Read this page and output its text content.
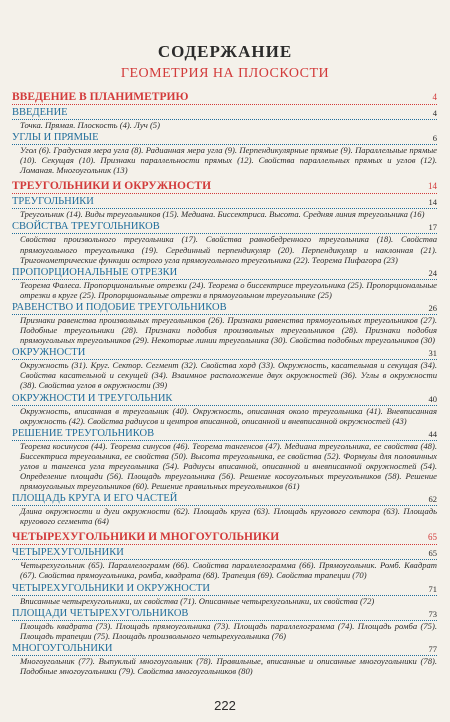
СОДЕРЖАНИЕ
ГЕОМЕТРИЯ НА ПЛОСКОСТИ
ВВЕДЕНИЕ В ПЛАНИМЕТРИЮ	4
ВВЕДЕНИЕ	4
Точка. Прямая. Плоскость (4). Луч (5)
УГЛЫ И ПРЯМЫЕ	6
Угол (6). Градусная мера угла (8). Радианная мера угла (9). Перпендикулярные прямые (9). Параллельные прямые (10). Секущая (10). Признаки параллельности прямых (12). Свойства параллельных прямых и углов (12). Ломаная. Многоугольник (13)
ТРЕУГОЛЬНИКИ И ОКРУЖНОСТИ	14
ТРЕУГОЛЬНИКИ	14
Треугольник (14). Виды треугольников (15). Медиана. Биссектриса. Высота. Средняя линия треугольника (16)
СВОЙСТВА ТРЕУГОЛЬНИКОВ	17
Свойства произвольного треугольника (17). Свойства равнобедренного треугольника (18). Свойства прямоугольного треугольника (19). Серединный перпендикуляр (20). Перпендикуляр и наклонная (21). Тригонометрические функции острого угла прямоугольного треугольника (22). Теорема Пифагора (23)
ПРОПОРЦИОНАЛЬНЫЕ ОТРЕЗКИ	24
Теорема Фалеса. Пропорциональные отрезки (24). Теорема о биссектрисе треугольника (25). Пропорциональные отрезки в круге (25). Пропорциональные отрезки в прямоугольном треугольнике (25)
РАВЕНСТВО И ПОДОБИЕ ТРЕУГОЛЬНИКОВ	26
Признаки равенства произвольных треугольников (26). Признаки равенства прямоугольных треугольников (27). Подобные треугольники (28). Признаки подобия произвольных треугольников (28). Признаки подобия прямоугольных треугольников (29). Некоторые линии треугольника (30). Свойства подобных треугольников (30)
ОКРУЖНОСТИ	31
Окружность (31). Круг. Сектор. Сегмент (32). Свойства хорд (33). Окружность, касательная и секущая (34). Свойства касательной и секущей (34). Взаимное расположение двух окружностей (36). Углы в окружности (38). Свойства углов в окружности (39)
ОКРУЖНОСТИ И ТРЕУГОЛЬНИК	40
Окружность, вписанная в треугольник (40). Окружность, описанная около треугольника (41). Вневписанная окружность (42). Свойства радиусов и центров вписанной, описанной и вневписанной окружностей (43)
РЕШЕНИЕ ТРЕУГОЛЬНИКОВ	44
Теорема косинусов (44). Теорема синусов (46). Теорема тангенсов (47). Медиана треугольника, ее свойства (48). Биссектриса треугольника, ее свойства (50). Высота треугольника, ее свойства (52). Формулы для половинных углов и тангенса угла треугольника (54). Радиусы вписанной, описанной и вневписанной окружностей (54). Определение площади (56). Площадь треугольника (56). Решение косоугольных треугольников (58). Решение прямоугольных треугольников (60). Решение правильных треугольников (61)
ПЛОЩАДЬ КРУГА И ЕГО ЧАСТЕЙ	62
Длина окружности и дуги окружности (62). Площадь круга (63). Площадь кругового сектора (63). Площадь кругового сегмента (64)
ЧЕТЫРЕХУГОЛЬНИКИ И МНОГОУГОЛЬНИКИ	65
ЧЕТЫРЕХУГОЛЬНИКИ	65
Четырехугольник (65). Параллелограмм (66). Свойства параллелограмма (66). Прямоугольник. Ромб. Квадрат (67). Свойства прямоугольника, ромба, квадрата (68). Трапеция (69). Свойства трапеции (70)
ЧЕТЫРЕХУГОЛЬНИКИ И ОКРУЖНОСТИ	71
Вписанные четырехугольники, их свойства (71). Описанные четырехугольники, их свойства (72)
ПЛОЩАДИ ЧЕТЫРЕХУГОЛЬНИКОВ	73
Площадь квадрата (73). Площадь прямоугольника (73). Площадь параллелограмма (74). Площадь ромба (75). Площадь трапеции (75). Площадь произвольного четырехугольника (76)
МНОГОУГОЛЬНИКИ	77
Многоугольник (77). Выпуклый многоугольник (78). Правильные, вписанные и описанные многоугольники (78). Подобные многоугольники (79). Свойства многоугольников (80)
222
